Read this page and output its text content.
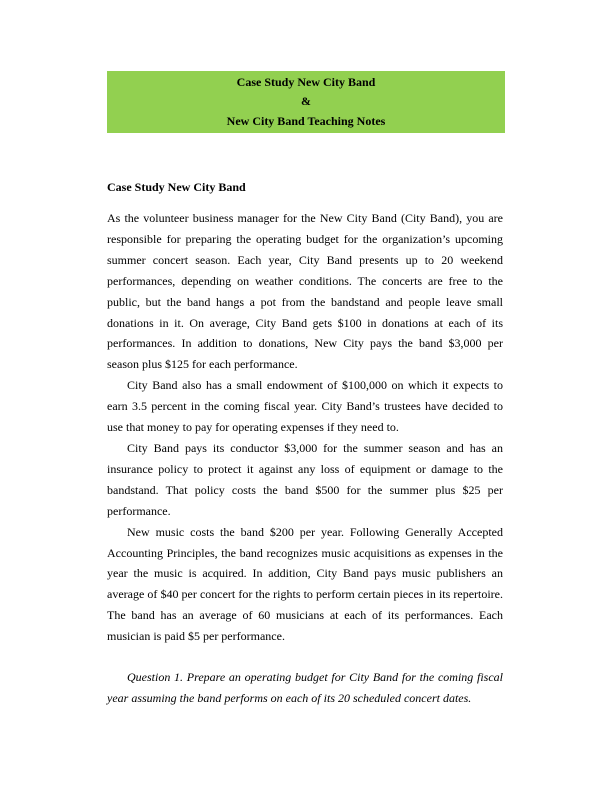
Case Study New City Band
&
New City Band Teaching Notes
Case Study New City Band

As the volunteer business manager for the New City Band (City Band), you are responsible for preparing the operating budget for the organization’s upcoming summer concert season. Each year, City Band presents up to 20 weekend performances, depending on weather conditions. The concerts are free to the public, but the band hangs a pot from the bandstand and people leave small donations in it. On average, City Band gets $100 in donations at each of its performances. In addition to donations, New City pays the band $3,000 per season plus $125 for each performance.

City Band also has a small endowment of $100,000 on which it expects to earn 3.5 percent in the coming fiscal year. City Band’s trustees have decided to use that money to pay for operating expenses if they need to.

City Band pays its conductor $3,000 for the summer season and has an insurance policy to protect it against any loss of equipment or damage to the bandstand. That policy costs the band $500 for the summer plus $25 per performance.

New music costs the band $200 per year. Following Generally Accepted Accounting Principles, the band recognizes music acquisitions as expenses in the year the music is acquired. In addition, City Band pays music publishers an average of $40 per concert for the rights to perform certain pieces in its repertoire. The band has an average of 60 musicians at each of its performances. Each musician is paid $5 per performance.

Question 1. Prepare an operating budget for City Band for the coming fiscal year assuming the band performs on each of its 20 scheduled concert dates.
